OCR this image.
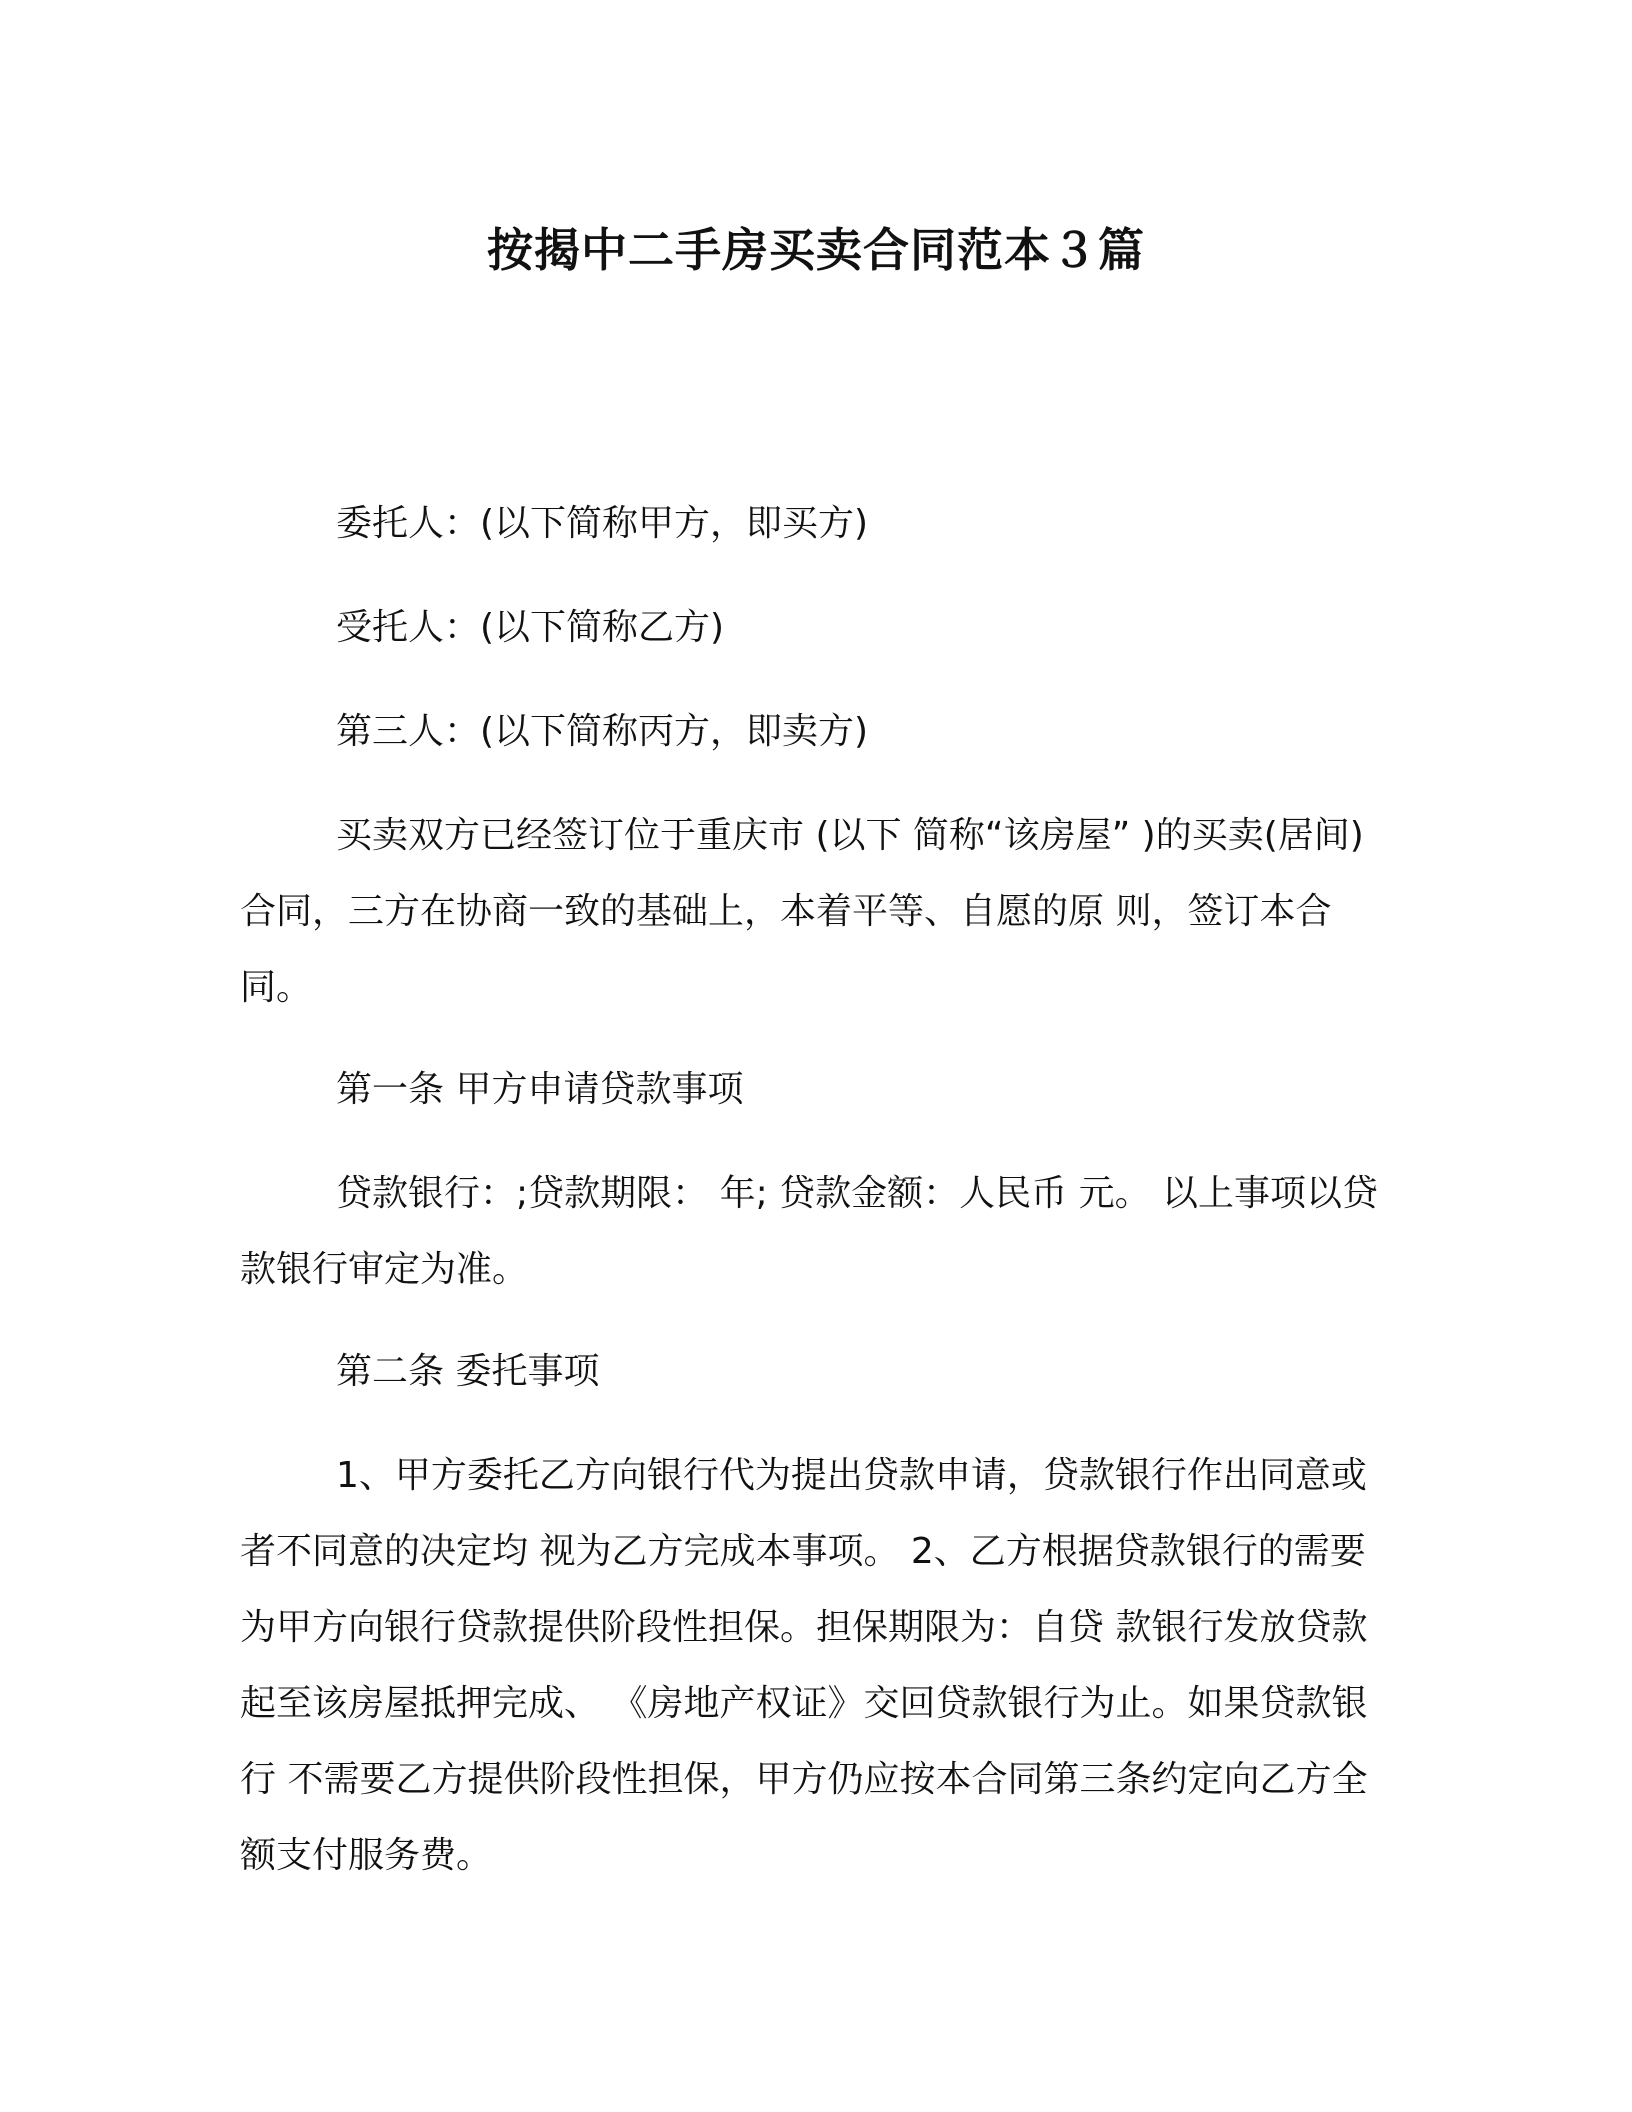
按揭中二手房买卖合同范本３篇

委托人：(以下简称甲方，即买方)

受托人：(以下简称乙方)

第三人：(以下简称丙方，即卖方)

买卖双方已经签订位于重庆市 (以下 简称“该房屋” )的买卖(居间)合同，三方在协商一致的基础上，本着平等、自愿的原 则，签订本合同。

第一条 甲方申请贷款事项

贷款银行：;贷款期限： 年; 贷款金额：人民币 元。 以上事项以贷款银行审定为准。

第二条 委托事项

1、甲方委托乙方向银行代为提出贷款申请，贷款银行作出同意或者不同意的决定均 视为乙方完成本事项。 2、乙方根据贷款银行的需要为甲方向银行贷款提供阶段性担保。担保期限为：自贷 款银行发放贷款起至该房屋抵押完成、 《房地产权证》交回贷款银行为止。如果贷款银行 不需要乙方提供阶段性担保，甲方仍应按本合同第三条约定向乙方全额支付服务费。
